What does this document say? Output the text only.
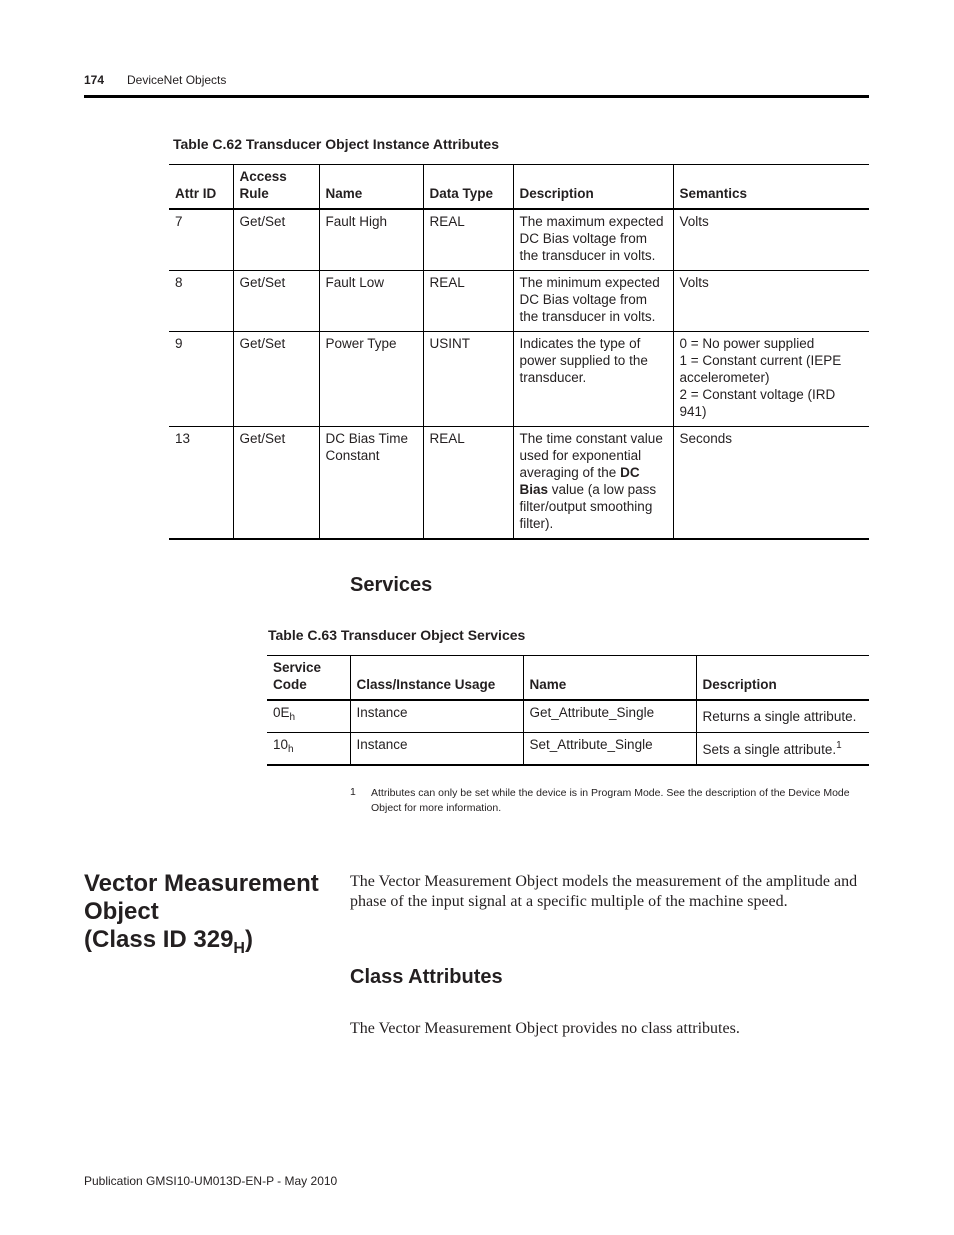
174 DeviceNet Objects
Table C.62 Transducer Object Instance Attributes
Attr ID	Access Rule	Name	Data Type	Description	Semantics
7	Get/Set	Fault High	REAL	The maximum expected DC Bias voltage from the transducer in volts.	Volts

8	Get/Set	Fault Low	REAL	The minimum expected DC Bias voltage from the transducer in volts.	Volts

9	Get/Set	Power Type	USINT	Indicates the type of power supplied to the transducer.	0 = No power supplied
1 = Constant current (IEPE accelerometer)
2 = Constant voltage (IRD 941)

13	Get/Set	DC Bias Time Constant	REAL	The time constant value used for exponential averaging of the DC Bias value (a low pass filter/output smoothing filter).	Seconds
Services
Table C.63 Transducer Object Services
Service Code	Class/Instance Usage	Name	Description
$0E_h$	Instance	Get_Attribute_Single	Returns a single attribute.
$10_h$	Instance	Set_Attribute_Single	Sets a single attribute.$^1$
1 Attributes can only be set while the device is in Program Mode. See the description of the Device Mode Object for more information.
Vector Measurement
Object
(Class ID $329_H$)
The Vector Measurement Object models the measurement of the amplitude and phase of the input signal at a specific multiple of the machine speed.
Class Attributes
The Vector Measurement Object provides no class attributes.
Publication GMSI10-UM013D-EN-P - May 2010
